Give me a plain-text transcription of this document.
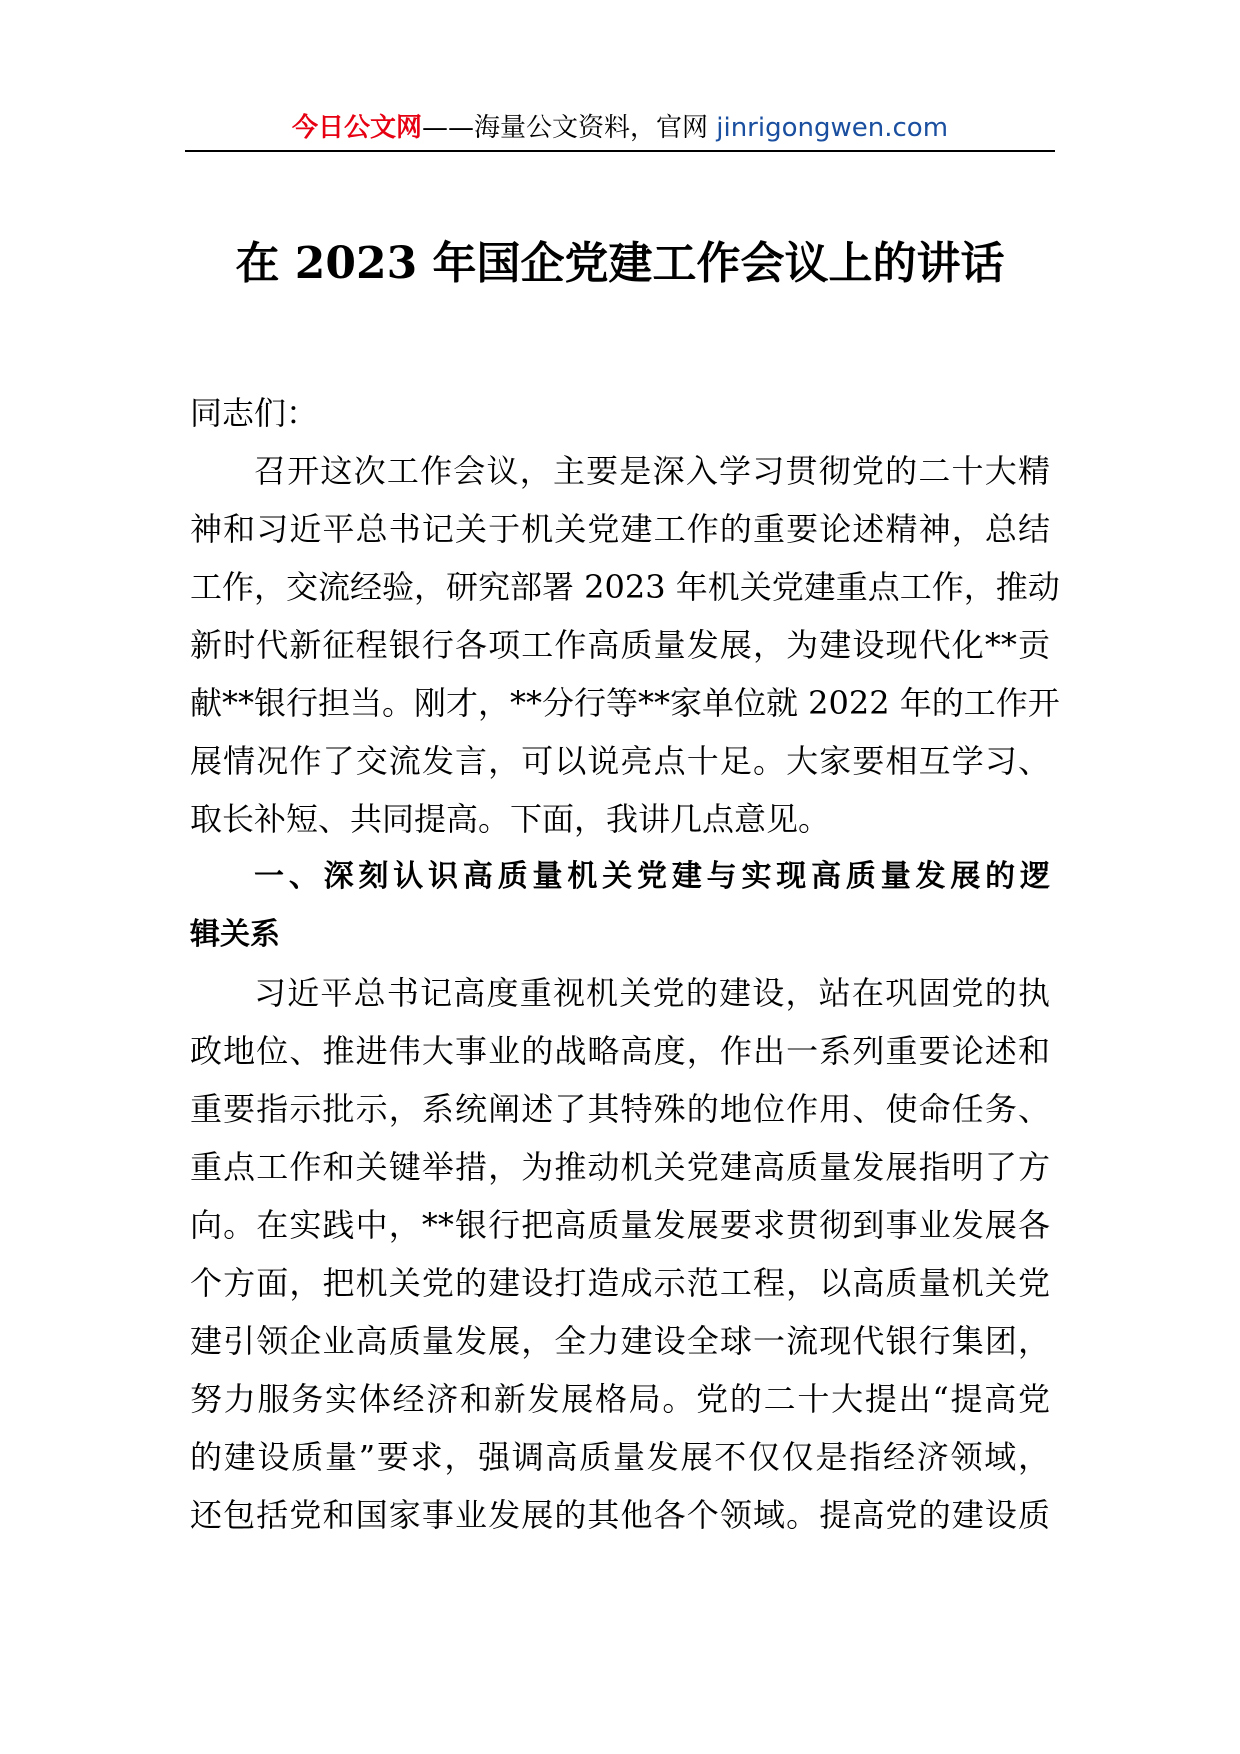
今日公文网——海量公文资料，官网 jinrigongwen.com
在 2023 年国企党建工作会议上的讲话
同志们：
召开这次工作会议，主要是深入学习贯彻党的二十大精
神和习近平总书记关于机关党建工作的重要论述精神，总结
工作，交流经验，研究部署 2023 年机关党建重点工作，推动
新时代新征程银行各项工作高质量发展，为建设现代化**贡
献**银行担当。刚才，**分行等**家单位就 2022 年的工作开
展情况作了交流发言，可以说亮点十足。大家要相互学习、
取长补短、共同提高。下面，我讲几点意见。
一、深刻认识高质量机关党建与实现高质量发展的逻
辑关系
习近平总书记高度重视机关党的建设，站在巩固党的执
政地位、推进伟大事业的战略高度，作出一系列重要论述和
重要指示批示，系统阐述了其特殊的地位作用、使命任务、
重点工作和关键举措，为推动机关党建高质量发展指明了方
向。在实践中，**银行把高质量发展要求贯彻到事业发展各
个方面，把机关党的建设打造成示范工程，以高质量机关党
建引领企业高质量发展，全力建设全球一流现代银行集团，
努力服务实体经济和新发展格局。党的二十大提出“提高党
的建设质量”要求，强调高质量发展不仅仅是指经济领域，
还包括党和国家事业发展的其他各个领域。提高党的建设质
